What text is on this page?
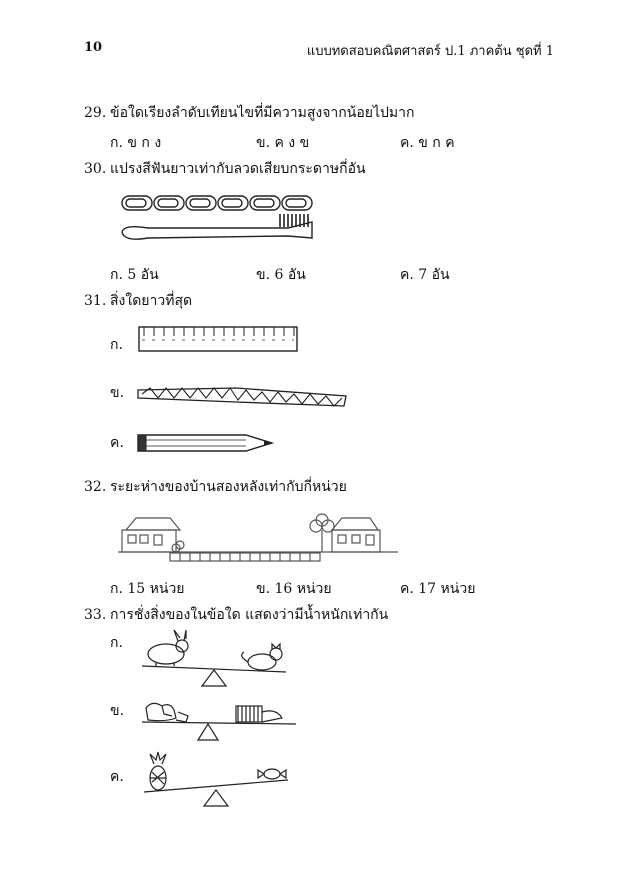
10	แบบทดสอบคณิตศาสตร์ ป.1 ภาคต้น ชุดที่ 1
29. ข้อใดเรียงลำดับเทียนไขที่มีความสูงจากน้อยไปมาก
ก. ข ก ง	ข. ค ง ข	ค. ข ก ค
30. แปรงสีฟันยาวเท่ากับลวดเสียบกระดาษกี่อัน
ก. 5 อัน	ข. 6 อัน	ค. 7 อัน
31. สิ่งใดยาวที่สุด
ก.
ข.
ค.
32. ระยะห่างของบ้านสองหลังเท่ากับกี่หน่วย
ก. 15 หน่วย	ข. 16 หน่วย	ค. 17 หน่วย
33. การชั่งสิ่งของในข้อใด แสดงว่ามีน้ำหนักเท่ากัน
ก.
ข.
ค.
